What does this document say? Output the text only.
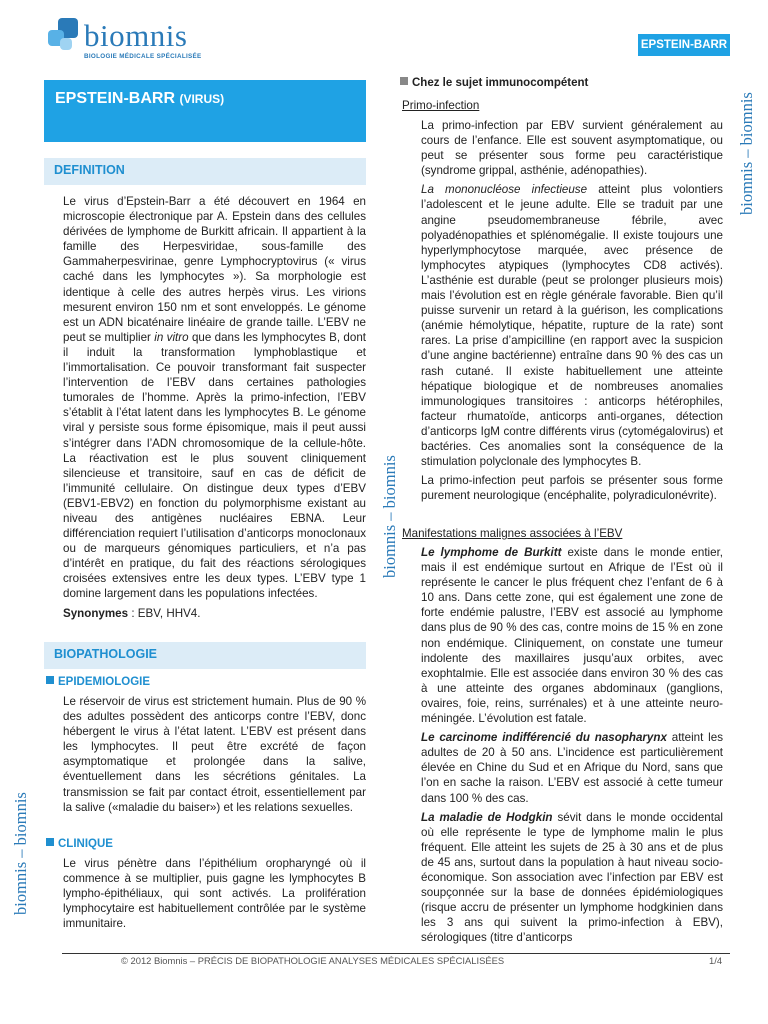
biomnis
BIOLOGIE MÉDICALE SPÉCIALISÉE
EPSTEIN-BARR
EPSTEIN-BARR (VIRUS)
DEFINITION

Le virus d’Epstein-Barr a été découvert en 1964 en microscopie électronique par A. Epstein dans des cellules dérivées de lymphome de Burkitt africain. Il appartient à la famille des Herpesviridae, sous-famille des Gammaherpesvirinae, genre Lymphocryptovirus (« virus caché dans les lymphocytes »). Sa morphologie est identique à celle des autres herpès virus. Les virions mesurent environ 150 nm et sont enveloppés. Le génome est un ADN bicaténaire linéaire de grande taille. L’EBV ne peut se multiplier in vitro que dans les lymphocytes B, dont il induit la transformation lymphoblastique et l’immortalisation. Ce pouvoir transformant fait suspecter l’intervention de l’EBV dans certaines pathologies tumorales de l’homme. Après la primo-infection, l’EBV s’établit à l’état latent dans les lymphocytes B. Le génome viral y persiste sous forme épisomique, mais il peut aussi s’intégrer dans l’ADN chromosomique de la cellule-hôte. La réactivation est le plus souvent cliniquement silencieuse et transitoire, sauf en cas de déficit de l’immunité cellulaire. On distingue deux types d’EBV (EBV1-EBV2) en fonction du polymorphisme existant au niveau des antigènes nucléaires EBNA. Leur différenciation requiert l’utilisation d’anticorps monoclonaux ou de marqueurs génomiques particuliers, et n’a pas d’intérêt en pratique, du fait des réactions sérologiques croisées extensives entre les deux types. L’EBV type 1 domine largement dans les populations infectées.

Synonymes : EBV, HHV4.

BIOPATHOLOGIE
EPIDEMIOLOGIE

Le réservoir de virus est strictement humain. Plus de 90 % des adultes possèdent des anticorps contre l’EBV, donc hébergent le virus à l’état latent. L’EBV est présent dans les lymphocytes. Il peut être excrété de façon asymptomatique et prolongée dans la salive, éventuellement dans les sécrétions génitales. La transmission se fait par contact étroit, essentiellement par la salive («maladie du baiser») et les relations sexuelles.

CLINIQUE

Le virus pénètre dans l’épithélium oropharyngé où il commence à se multiplier, puis gagne les lymphocytes B lympho-épithéliaux, qui sont activés. La prolifération lymphocytaire est habituellement contrôlée par le système immunitaire.

Chez le sujet immunocompétent
Primo-infection

La primo-infection par EBV survient généralement au cours de l’enfance. Elle est souvent asymptomatique, ou peut se présenter sous forme peu caractéristique (syndrome grippal, asthénie, adénopathies).

La mononucléose infectieuse atteint plus volontiers l’adolescent et le jeune adulte. Elle se traduit par une angine pseudomembraneuse fébrile, avec polyadénopathies et splénomégalie. Il existe toujours une hyperlymphocytose marquée, avec présence de lymphocytes atypiques (lymphocytes CD8 activés). L’asthénie est durable (peut se prolonger plusieurs mois) mais l’évolution est en règle générale favorable. Bien qu’il puisse survenir un retard à la guérison, les complications (anémie hémolytique, hépatite, rupture de la rate) sont rares. La prise d’ampicilline (en rapport avec la suspicion d’une angine bactérienne) entraîne dans 90 % des cas un rash cutané. Il existe habituellement une atteinte hépatique biologique et de nombreuses anomalies immunologiques transitoires : anticorps hétérophiles, facteur rhumatoïde, anticorps anti-organes, détection d’anticorps IgM contre différents virus (cytomégalovirus) et bactéries. Ces anomalies sont la conséquence de la stimulation polyclonale des lymphocytes B.

La primo-infection peut parfois se présenter sous forme purement neurologique (encéphalite, polyradiculonévrite).

Manifestations malignes associées à l’EBV

Le lymphome de Burkitt existe dans le monde entier, mais il est endémique surtout en Afrique de l’Est où il représente le cancer le plus fréquent chez l’enfant de 6 à 10 ans. Dans cette zone, qui est également une zone de forte endémie palustre, l’EBV est associé au lymphome dans plus de 90 % des cas, contre moins de 15 % en zone non endémique. Cliniquement, on constate une tumeur indolente des maxillaires jusqu’aux orbites, avec exophtalmie. Elle est associée dans environ 30 % des cas à une atteinte des organes abdominaux (ganglions, ovaires, foie, reins, surrénales) et à une atteinte neuro-méningée. L’évolution est fatale.

Le carcinome indifférencié du nasopharynx atteint les adultes de 20 à 50 ans. L’incidence est particulièrement élevée en Chine du Sud et en Afrique du Nord, sans que l’on en sache la raison. L’EBV est associé à cette tumeur dans 100 % des cas.

La maladie de Hodgkin sévit dans le monde occidental où elle représente le type de lymphome malin le plus fréquent. Elle atteint les sujets de 25 à 30 ans et de plus de 45 ans, surtout dans la population à haut niveau socio-économique. Son association avec l’infection par EBV est soupçonnée sur la base de données épidémiologiques (risque accru de présenter un lymphome hodgkinien dans les 3 ans qui suivent la primo-infection à EBV), sérologiques (titre d’anticorps

biomnis – biomnis
biomnis – biomnis
biomnis – biomnis
© 2012 Biomnis – PRÉCIS DE BIOPATHOLOGIE ANALYSES MÉDICALES SPÉCIALISÉES	1/4
